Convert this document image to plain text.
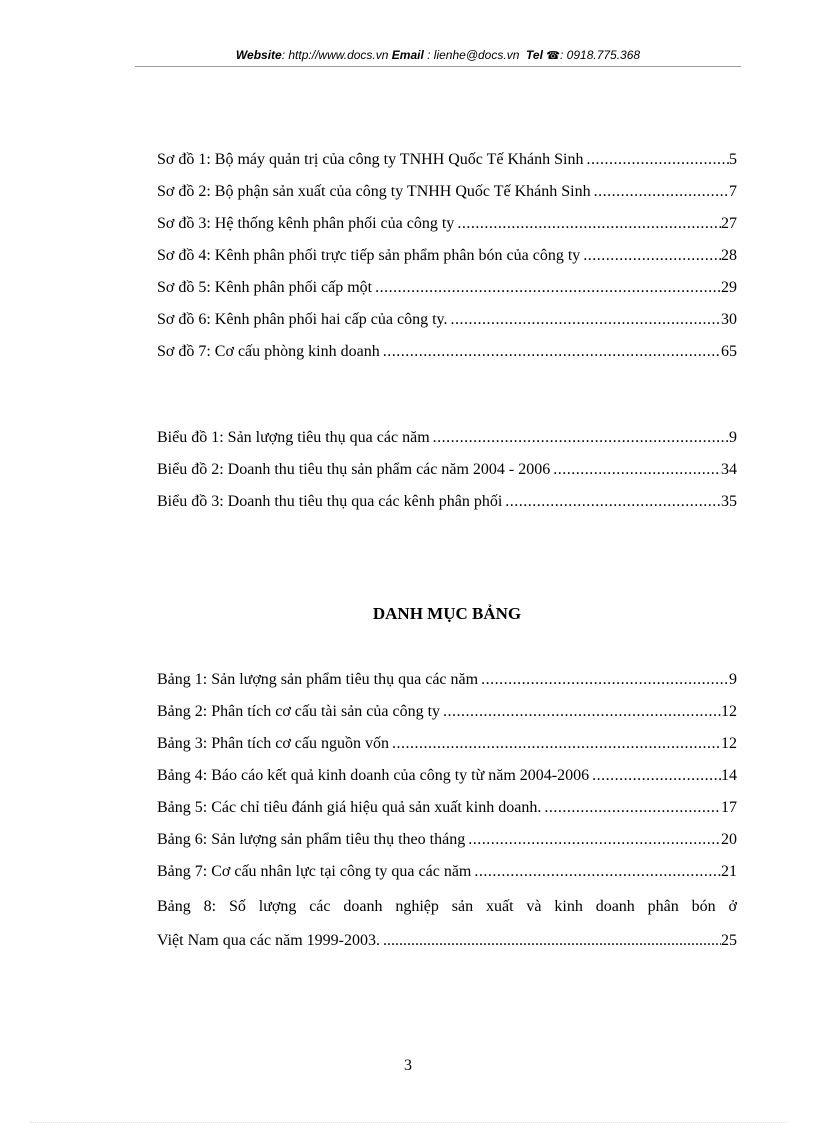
Website: http://www.docs.vn Email : lienhe@docs.vn Tel ☎: 0918.775.368
Sơ đồ 1: Bộ máy quản trị của công ty TNHH Quốc Tế Khánh Sinh .....	5
Sơ đồ 2: Bộ phận sản xuất của công ty TNHH Quốc Tế Khánh Sinh .....	7
Sơ đồ 3: Hệ thống kênh phân phối của công ty .....	27
Sơ đồ 4: Kênh phân phối trực tiếp sản phẩm phân bón của công ty .....	28
Sơ đồ 5: Kênh phân phối cấp một .....	29
Sơ đồ 6: Kênh phân phối hai cấp của công ty. .....	30
Sơ đồ 7: Cơ cấu phòng kinh doanh .....	65
Biểu đồ 1: Sản lượng tiêu thụ qua các năm .....	9
Biểu đồ 2: Doanh thu tiêu thụ sản phẩm các năm 2004 - 2006 .....	34
Biểu đồ 3: Doanh thu tiêu thụ qua các kênh phân phối .....	35
DANH MỤC BẢNG
Bảng 1: Sản lượng sản phẩm tiêu thụ qua các năm .....	9
Bảng 2: Phân tích cơ cấu tài sản của công ty .....	12
Bảng 3: Phân tích cơ cấu nguồn vốn .....	12
Bảng 4: Báo cáo kết quả kinh doanh của công ty từ năm 2004-2006 .....	14
Bảng 5: Các chỉ tiêu đánh giá hiệu quả sản xuất kinh doanh. .....	17
Bảng 6: Sản lượng sản phẩm tiêu thụ theo tháng .....	20
Bảng 7: Cơ cấu nhân lực tại công ty qua các năm .....	21
Bảng 8: Số lượng các doanh nghiệp sản xuất và kinh doanh phân bón ở
Việt Nam qua các năm 1999-2003. .....	25
3
